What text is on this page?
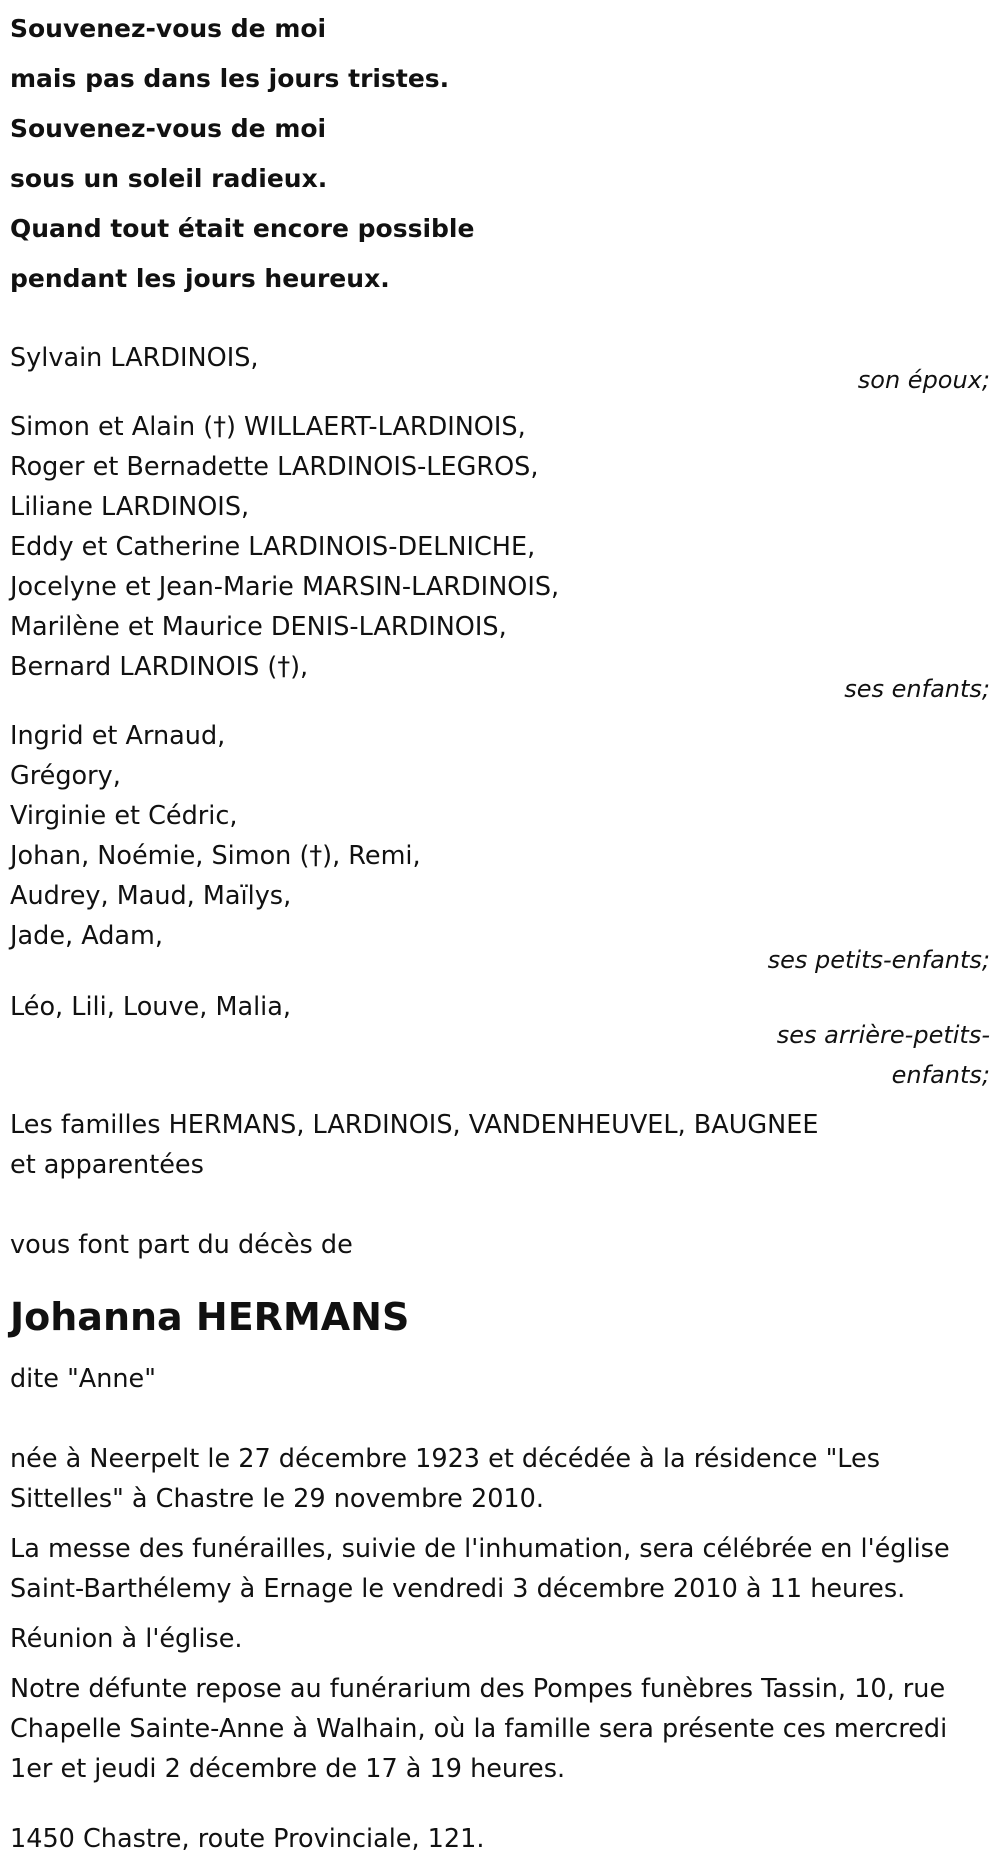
Souvenez-vous de moi
mais pas dans les jours tristes.
Souvenez-vous de moi
sous un soleil radieux.
Quand tout était encore possible
pendant les jours heureux.
Sylvain LARDINOIS,
son époux;
Simon et Alain (†) WILLAERT-LARDINOIS,
Roger et Bernadette LARDINOIS-LEGROS,
Liliane LARDINOIS,
Eddy et Catherine LARDINOIS-DELNICHE,
Jocelyne et Jean-Marie MARSIN-LARDINOIS,
Marilène et Maurice DENIS-LARDINOIS,
Bernard LARDINOIS (†),
ses enfants;
Ingrid et Arnaud,
Grégory,
Virginie et Cédric,
Johan, Noémie, Simon (†), Remi,
Audrey, Maud, Maïlys,
Jade, Adam,
ses petits-enfants;
Léo, Lili, Louve, Malia,
ses arrière-petits-
enfants;
Les familles HERMANS, LARDINOIS, VANDENHEUVEL, BAUGNEE
et apparentées
vous font part du décès de
Johanna HERMANS
dite "Anne"
née à Neerpelt le 27 décembre 1923 et décédée à la résidence "Les Sittelles" à Chastre le 29 novembre 2010.
La messe des funérailles, suivie de l'inhumation, sera célébrée en l'église Saint-Barthélemy à Ernage le vendredi 3 décembre 2010 à 11 heures.
Réunion à l'église.
Notre défunte repose au funérarium des Pompes funèbres Tassin, 10, rue Chapelle Sainte-Anne à Walhain, où la famille sera présente ces mercredi 1er et jeudi 2 décembre de 17 à 19 heures.
1450 Chastre, route Provinciale, 121.
